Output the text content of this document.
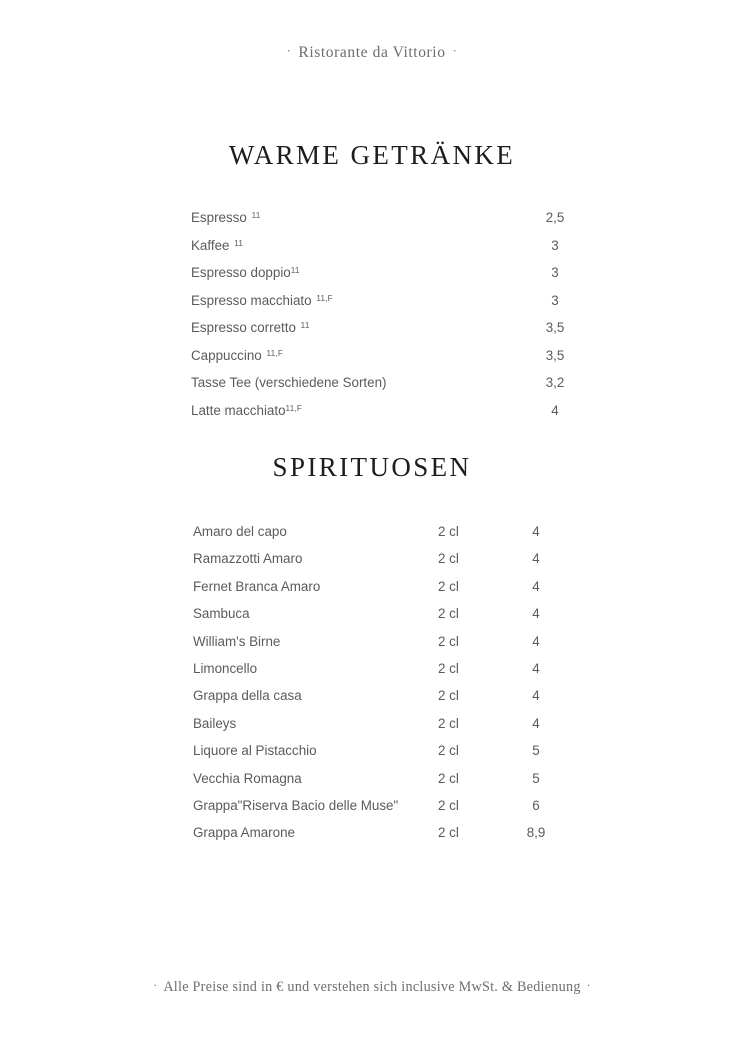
· Ristorante da Vittorio ·
WARME GETRÄNKE
Espresso $^{11}$	2,5
Kaffee $^{11}$	3
Espresso doppio$^{11}$	3
Espresso macchiato $^{11,F}$	3
Espresso corretto $^{11}$	3,5
Cappuccino $^{11,F}$	3,5
Tasse Tee (verschiedene Sorten)	3,2
Latte macchiato$^{11,F}$	4
SPIRITUOSEN
Amaro del capo	2 cl	4
Ramazzotti Amaro	2 cl	4
Fernet Branca Amaro	2 cl	4
Sambuca	2 cl	4
William's Birne	2 cl	4
Limoncello	2 cl	4
Grappa della casa	2 cl	4
Baileys	2 cl	4
Liquore al Pistacchio	2 cl	5
Vecchia Romagna	2 cl	5
Grappa"Riserva Bacio delle Muse"	2 cl	6
Grappa Amarone	2 cl	8,9
· Alle Preise sind in € und verstehen sich inclusive MwSt. & Bedienung ·
